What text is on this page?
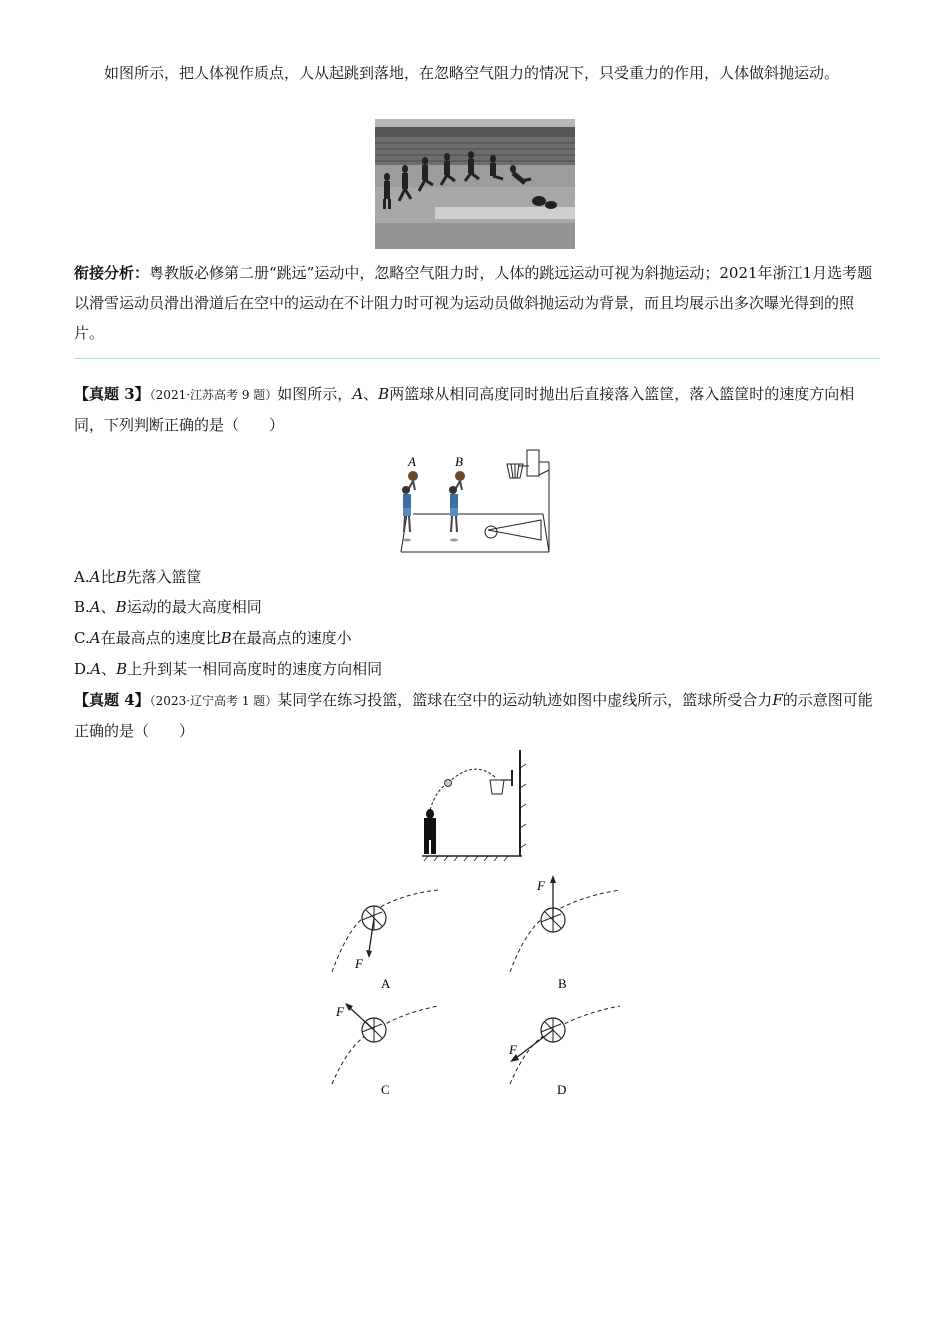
如图所示，把人体视作质点，人从起跳到落地，在忽略空气阻力的情况下，只受重力的作用，人体做斜抛运动。

衔接分析：粤教版必修第二册“跳远”运动中，忽略空气阻力时，人体的跳远运动可视为斜抛运动；2021年浙江1月选考题以滑雪运动员滑出滑道后在空中的运动在不计阻力时可视为运动员做斜抛运动为背景，而且均展示出多次曝光得到的照片。

【真题 3】（2021·江苏高考 9 题）如图所示，A、B两篮球从相同高度同时抛出后直接落入篮筐，落入篮筐时的速度方向相同，下列判断正确的是（　　）

A	B

A.A比B先落入篮筐

B.A、B运动的最大高度相同

C.A在最高点的速度比B在最高点的速度小

D.A、B上升到某一相同高度时的速度方向相同

【真题 4】（2023·辽宁高考 1 题）某同学在练习投篮，篮球在空中的运动轨迹如图中虚线所示，篮球所受合力F的示意图可能正确的是（　　）

F
A
F
B
F
C
F
D
